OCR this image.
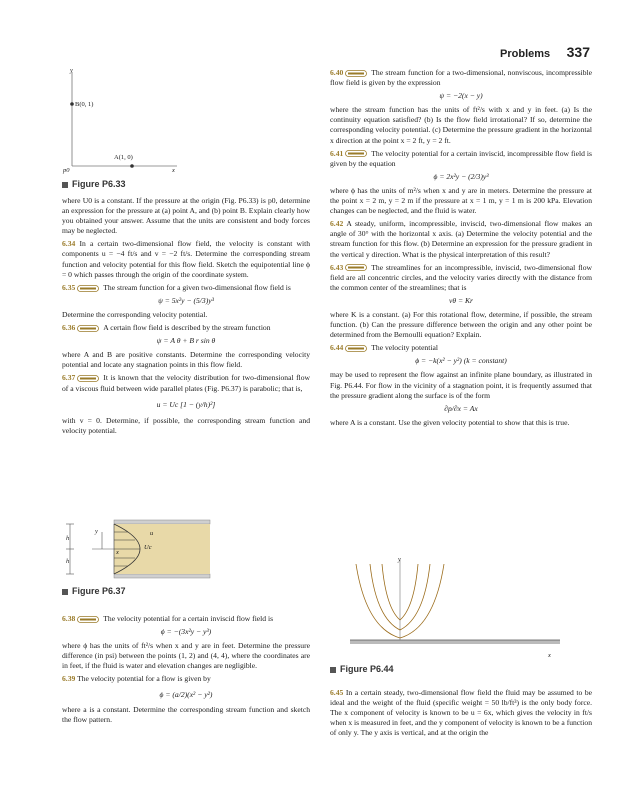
Problems 337
y
B(0, 1)
A(1, 0)
p0	x
Figure P6.33

where U0 is a constant. If the pressure at the origin (Fig. P6.33) is p0, determine an expression for the pressure at (a) point A, and (b) point B. Explain clearly how you obtained your answer. Assume that the units are consistent and body forces may be neglected.

6.34 In a certain two-dimensional flow field, the velocity is constant with components u = −4 ft/s and v = −2 ft/s. Determine the corresponding stream function and velocity potential for this flow field. Sketch the equipotential line ϕ = 0 which passes through the origin of the coordinate system.

6.35	The stream function for a given two-dimensional flow field is

ψ = 5x²y − (5/3)y³

Determine the corresponding velocity potential.

6.36	A certain flow field is described by the stream function

ψ = A θ + B r sin θ

where A and B are positive constants. Determine the corresponding velocity potential and locate any stagnation points in this flow field.

6.37	It is known that the velocity distribution for two-dimensional flow of a viscous fluid between wide parallel plates (Fig. P6.37) is parabolic; that is,

u = Uc [1 − (y/h)²]

with v = 0. Determine, if possible, the corresponding stream function and velocity potential.

h
h
y
x
u
Uc
Figure P6.37

6.38	The velocity potential for a certain inviscid flow field is

ϕ = −(3x²y − y³)

where ϕ has the units of ft²/s when x and y are in feet. Determine the pressure difference (in psi) between the points (1, 2) and (4, 4), where the coordinates are in feet, if the fluid is water and elevation changes are negligible.

6.39 The velocity potential for a flow is given by

ϕ = (a/2)(x² − y²)

where a is a constant. Determine the corresponding stream function and sketch the flow pattern.

6.40	The stream function for a two-dimensional, nonviscous, incompressible flow field is given by the expression

ψ = −2(x − y)

where the stream function has the units of ft²/s with x and y in feet. (a) Is the continuity equation satisfied? (b) Is the flow field irrotational? If so, determine the corresponding velocity potential. (c) Determine the pressure gradient in the horizontal x direction at the point x = 2 ft, y = 2 ft.

6.41	The velocity potential for a certain inviscid, incompressible flow field is given by the equation

ϕ = 2x²y − (2/3)y³

where ϕ has the units of m²/s when x and y are in meters. Determine the pressure at the point x = 2 m, y = 2 m if the pressure at x = 1 m, y = 1 m is 200 kPa. Elevation changes can be neglected, and the fluid is water.

6.42 A steady, uniform, incompressible, inviscid, two-dimensional flow makes an angle of 30° with the horizontal x axis. (a) Determine the velocity potential and the stream function for this flow. (b) Determine an expression for the pressure gradient in the vertical y direction. What is the physical interpretation of this result?

6.43	The streamlines for an incompressible, inviscid, two-dimensional flow field are all concentric circles, and the velocity varies directly with the distance from the common center of the streamlines; that is

vθ = Kr

where K is a constant. (a) For this rotational flow, determine, if possible, the stream function. (b) Can the pressure difference between the origin and any other point be determined from the Bernoulli equation? Explain.

6.44	The velocity potential

ϕ = −k(x² − y²) (k = constant)

may be used to represent the flow against an infinite plane boundary, as illustrated in Fig. P6.44. For flow in the vicinity of a stagnation point, it is frequently assumed that the pressure gradient along the surface is of the form

∂p/∂x = Ax

where A is a constant. Use the given velocity potential to show that this is true.

y
x
Figure P6.44

6.45 In a certain steady, two-dimensional flow field the fluid may be assumed to be ideal and the weight of the fluid (specific weight = 50 lb/ft³) is the only body force. The x component of velocity is known to be u = 6x, which gives the velocity in ft/s when x is measured in feet, and the y component of velocity is known to be a function of only y. The y axis is vertical, and at the origin the
